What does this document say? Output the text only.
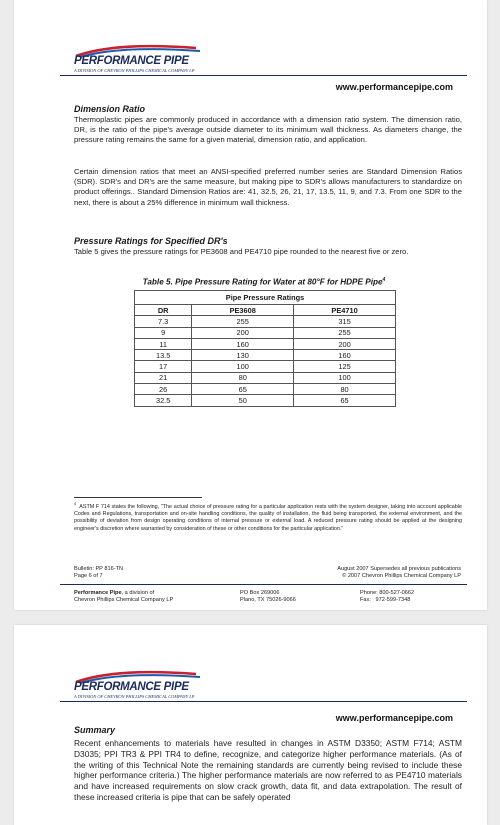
PERFORMANCE PIPE
A DIVISION OF CHEVRON PHILLIPS CHEMICAL COMPANY LP
www.performancepipe.com
Dimension Ratio

Thermoplastic pipes are commonly produced in accordance with a dimension ratio system. The dimension ratio, DR, is the ratio of the pipe's average outside diameter to its minimum wall thickness. As diameters change, the pressure rating remains the same for a given material, dimension ratio, and application.

Certain dimension ratios that meet an ANSI-specified preferred number series are Standard Dimension Ratios (SDR). SDR's and DR's are the same measure, but making pipe to SDR's allows manufacturers to standardize on product offerings.. Standard Dimension Ratios are: 41, 32.5, 26, 21, 17, 13.5, 11, 9, and 7.3. From one SDR to the next, there is about a 25% difference in minimum wall thickness.

Pressure Ratings for Specified DR's

Table 5 gives the pressure ratings for PE3608 and PE4710 pipe rounded to the nearest five or zero.

Table 5. Pipe Pressure Rating for Water at 80°F for HDPE Pipe$^4$
Pipe Pressure Ratings		
DR	PE3608	PE4710
7.3	255	315
9	200	255
11	160	200
13.5	130	160
17	100	125
21	80	100
26	65	80
32.5	50	65

$^4$  ASTM F 714 states the following, "The actual choice of pressure rating for a particular application rests with the system designer, taking into account applicable Codes and Regulations, transportation and on-site handling conditions, the quality of installation, the fluid being transported, the external environment, and the possibility of deviation from design operating conditions of internal pressure or external load. A reduced pressure rating should be applied at the designing engineer's discretion where warranted by consideration of these or other conditions for the particular application."

Bulletin: PP 816-TN
Page 6 of 7
August 2007 Supersedes all previous publications
© 2007 Chevron Phillips Chemical Company LP
Performance Pipe, a division of
Chevron Phillips Chemical Company LP
PO Box 269006
Plano, TX 75026-9066
Phone: 800-527-0662
Fax:   972-599-7348
PERFORMANCE PIPE
A DIVISION OF CHEVRON PHILLIPS CHEMICAL COMPANY LP
www.performancepipe.com
Summary

Recent enhancements to materials have resulted in changes in ASTM D3350; ASTM F714; ASTM D3035; PPI TR3 & PPI TR4 to define, recognize, and categorize higher performance materials. (As of the writing of this Technical Note the remaining standards are currently being revised to include these higher performance criteria.) The higher performance materials are now referred to as PE4710 materials and have increased requirements on slow crack growth, data fit, and data extrapolation. The result of these increased criteria is pipe that can be safely operated
